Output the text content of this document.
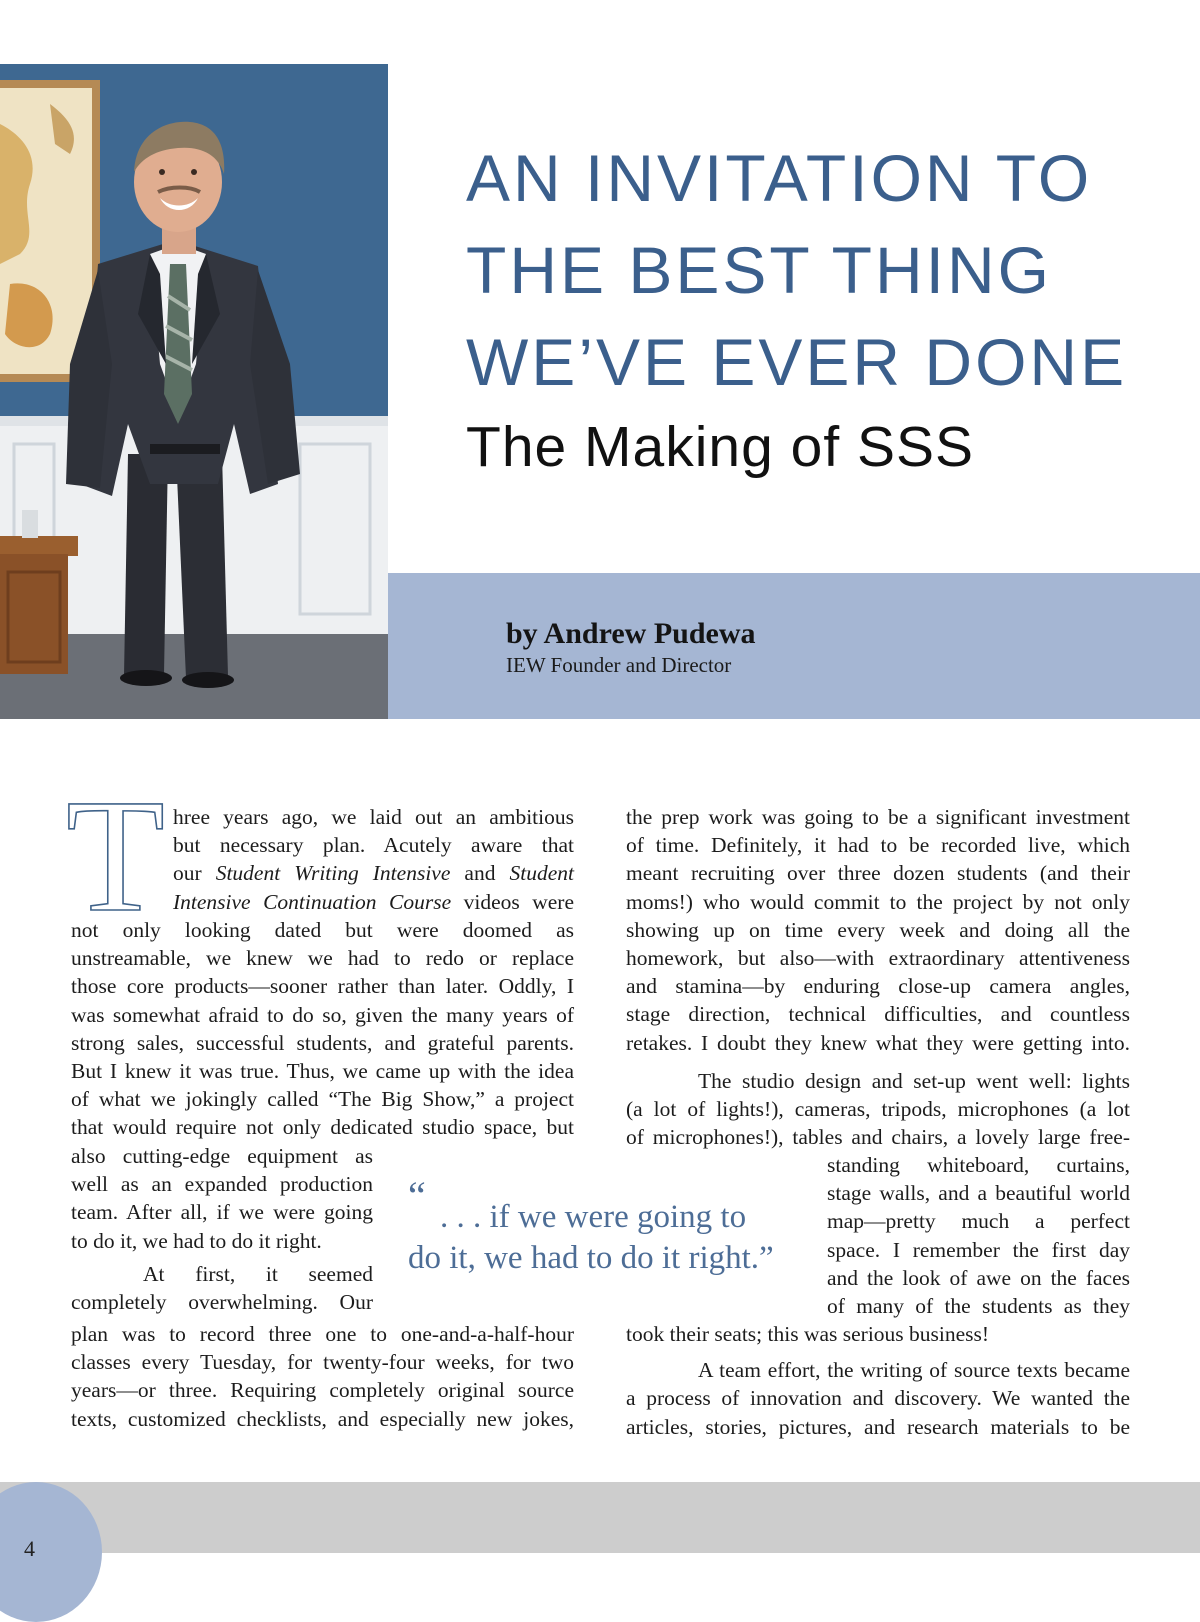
AN INVITATION TO
THE BEST THING
WE’VE EVER DONE
The Making of SSS
by Andrew Pudewa
IEW Founder and Director
T hree years ago, we laid out an ambitious
but necessary plan. Acutely aware that
our Student Writing Intensive and Student
Intensive Continuation Course videos were
not only looking dated but were doomed as
unstreamable, we knew we had to redo or replace
those core products—sooner rather than later. Oddly, I
was somewhat afraid to do so, given the many years of
strong sales, successful students, and grateful parents.
But I knew it was true. Thus, we came up with the idea
of what we jokingly called “The Big Show,” a project
that would require not only dedicated studio space, but
also cutting-edge equipment as
well as an expanded production
team. After all, if we were going
to do it, we had to do it right.
At first, it seemed
completely overwhelming. Our
plan was to record three one to one-and-a-half-hour
classes every Tuesday, for twenty-four weeks, for two
years—or three. Requiring completely original source
texts, customized checklists, and especially new jokes,
the prep work was going to be a significant investment
of time. Definitely, it had to be recorded live, which
meant recruiting over three dozen students (and their
moms!) who would commit to the project by not only
showing up on time every week and doing all the
homework, but also—with extraordinary attentiveness
and stamina—by enduring close-up camera angles,
stage direction, technical difficulties, and countless
retakes. I doubt they knew what they were getting into.
The studio design and set-up went well: lights
(a lot of lights!), cameras, tripods, microphones (a lot
of microphones!), tables and chairs, a lovely large free-
standing whiteboard, curtains,
stage walls, and a beautiful world
map—pretty much a perfect
space. I remember the first day
and the look of awe on the faces
of many of the students as they
took their seats; this was serious business!
A team effort, the writing of source texts became
a process of innovation and discovery. We wanted the
articles, stories, pictures, and research materials to be
“ . . . if we were going to
do it, we had to do it right.”
4
